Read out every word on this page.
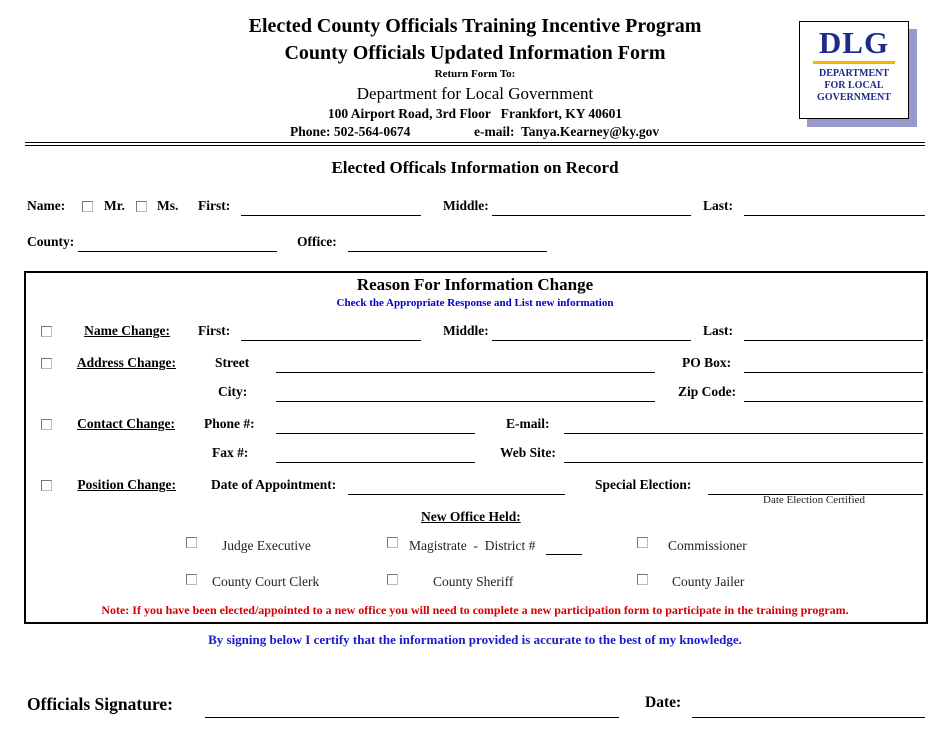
Elected County Officials Training Incentive Program
County Officials Updated Information Form
Return Form To:
Department for Local Government
100 Airport Road, 3rd Floor   Frankfort, KY 40601
Phone: 502-564-0674	e-mail:  Tanya.Kearney@ky.gov
DLG
DEPARTMENT
FOR LOCAL
GOVERNMENT
Elected Officals Information on Record
Name:	Mr. Ms. First:	Middle:	Last:
County:	Office:
Reason For Information Change
Check the Appropriate Response and List new information
Name Change: First:	Middle:	Last:
Address Change:	Street	PO Box:
City:	Zip Code:
Contact Change: Phone #:	E-mail:
Fax #:	Web Site:
Position Change:	Date of Appointment:	Special Election:
Date Election Certified
New Office Held:
Judge Executive	Magistrate  -  District #	Commissioner
County Court Clerk	County Sheriff	County Jailer
Note: If you have been elected/appointed to a new office you will need to complete a new participation form to participate in the training program.
By signing below I certify that the information provided is accurate to the best of my knowledge.
Officials Signature:	Date:
